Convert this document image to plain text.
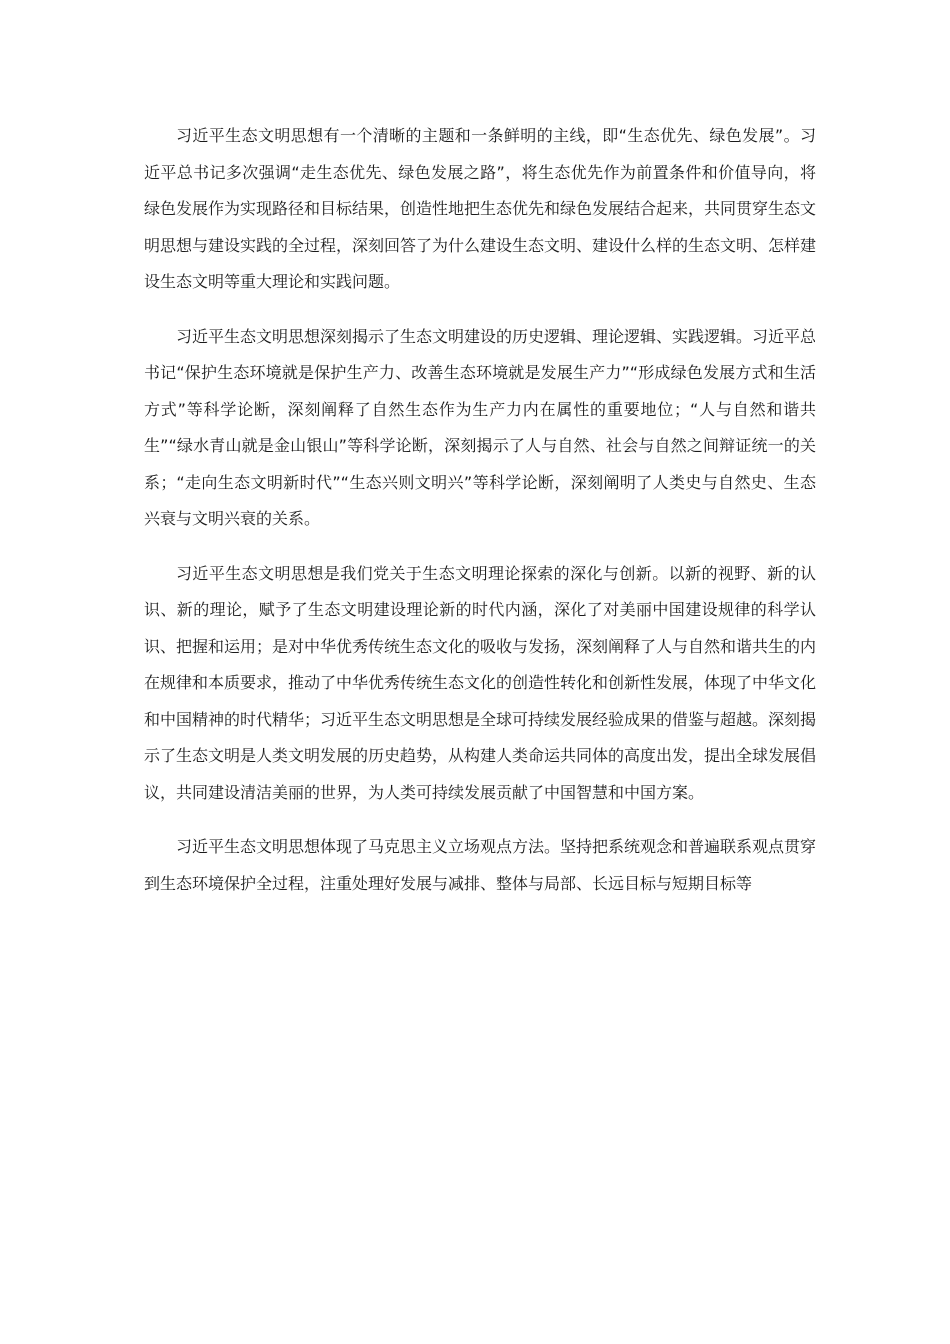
习近平生态文明思想有一个清晰的主题和一条鲜明的主线，即“生态优先、绿色发展”。习近平总书记多次强调“走生态优先、绿色发展之路”，将生态优先作为前置条件和价值导向，将绿色发展作为实现路径和目标结果，创造性地把生态优先和绿色发展结合起来，共同贯穿生态文明思想与建设实践的全过程，深刻回答了为什么建设生态文明、建设什么样的生态文明、怎样建设生态文明等重大理论和实践问题。

习近平生态文明思想深刻揭示了生态文明建设的历史逻辑、理论逻辑、实践逻辑。习近平总书记“保护生态环境就是保护生产力、改善生态环境就是发展生产力”“形成绿色发展方式和生活方式”等科学论断，深刻阐释了自然生态作为生产力内在属性的重要地位；“人与自然和谐共生”“绿水青山就是金山银山”等科学论断，深刻揭示了人与自然、社会与自然之间辩证统一的关系；“走向生态文明新时代”“生态兴则文明兴”等科学论断，深刻阐明了人类史与自然史、生态兴衰与文明兴衰的关系。

习近平生态文明思想是我们党关于生态文明理论探索的深化与创新。以新的视野、新的认识、新的理论，赋予了生态文明建设理论新的时代内涵，深化了对美丽中国建设规律的科学认识、把握和运用；是对中华优秀传统生态文化的吸收与发扬，深刻阐释了人与自然和谐共生的内在规律和本质要求，推动了中华优秀传统生态文化的创造性转化和创新性发展，体现了中华文化和中国精神的时代精华；习近平生态文明思想是全球可持续发展经验成果的借鉴与超越。深刻揭示了生态文明是人类文明发展的历史趋势，从构建人类命运共同体的高度出发，提出全球发展倡议，共同建设清洁美丽的世界，为人类可持续发展贡献了中国智慧和中国方案。

习近平生态文明思想体现了马克思主义立场观点方法。坚持把系统观念和普遍联系观点贯穿到生态环境保护全过程，注重处理好发展与减排、整体与局部、长远目标与短期目标等
